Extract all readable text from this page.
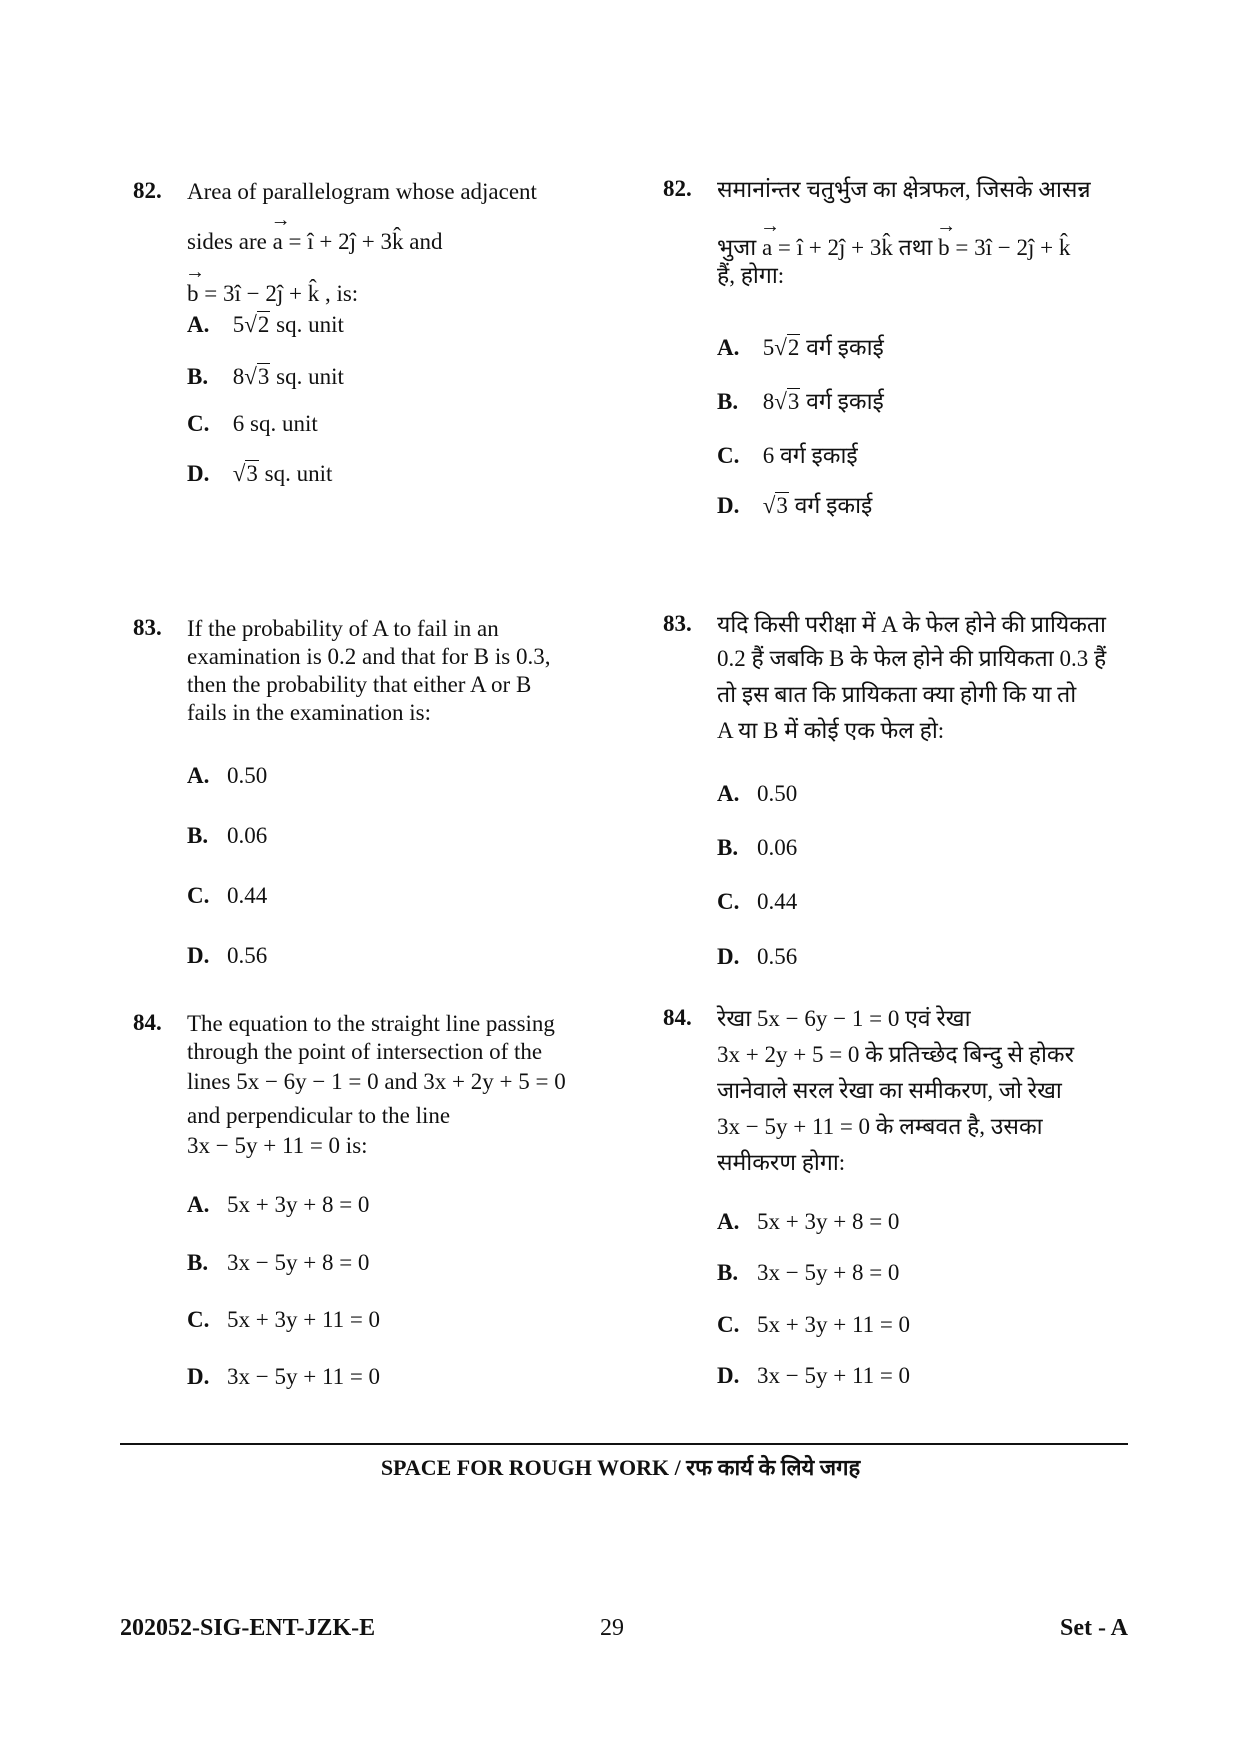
82. Area of parallelogram whose adjacent
sides are → a = î + 2ĵ + 3k̂ and
→ b = 3î − 2ĵ + k̂ , is:
A. 5√2 sq. unit
B. 8√3 sq. unit
C. 6 sq. unit
D. √3 sq. unit
83. If the probability of A to fail in an
examination is 0.2 and that for B is 0.3,
then the probability that either A or B
fails in the examination is:
A. 0.50
B. 0.06
C. 0.44
D. 0.56
84. The equation to the straight line passing
through the point of intersection of the
lines 5x − 6y − 1 = 0 and 3x + 2y + 5 = 0
and perpendicular to the line
3x − 5y + 11 = 0 is:
A. 5x + 3y + 8 = 0
B. 3x − 5y + 8 = 0
C. 5x + 3y + 11 = 0
D. 3x − 5y + 11 = 0
82. समानांन्तर चतुर्भुज का क्षेत्रफल, जिसके आसन्न
भुजा → a = î + 2ĵ + 3k̂ तथा → b = 3î − 2ĵ + k̂
हैं, होगा:
A. 5√2 वर्ग इकाई
B. 8√3 वर्ग इकाई
C. 6 वर्ग इकाई
D. √3 वर्ग इकाई
83. यदि किसी परीक्षा में A के फेल होने की प्रायिकता
0.2 हैं जबकि B के फेल होने की प्रायिकता 0.3 हैं
तो इस बात कि प्रायिकता क्या होगी कि या तो
A या B में कोई एक फेल हो:
A. 0.50
B. 0.06
C. 0.44
D. 0.56
84. रेखा 5x − 6y − 1 = 0 एवं रेखा
3x + 2y + 5 = 0 के प्रतिच्छेद बिन्दु से होकर
जानेवाले सरल रेखा का समीकरण, जो रेखा
3x − 5y + 11 = 0 के लम्बवत है, उसका
समीकरण होगा:
A. 5x + 3y + 8 = 0
B. 3x − 5y + 8 = 0
C. 5x + 3y + 11 = 0
D. 3x − 5y + 11 = 0
SPACE FOR ROUGH WORK / रफ कार्य के लिये जगह
202052-SIG-ENT-JZK-E	29	Set - A
